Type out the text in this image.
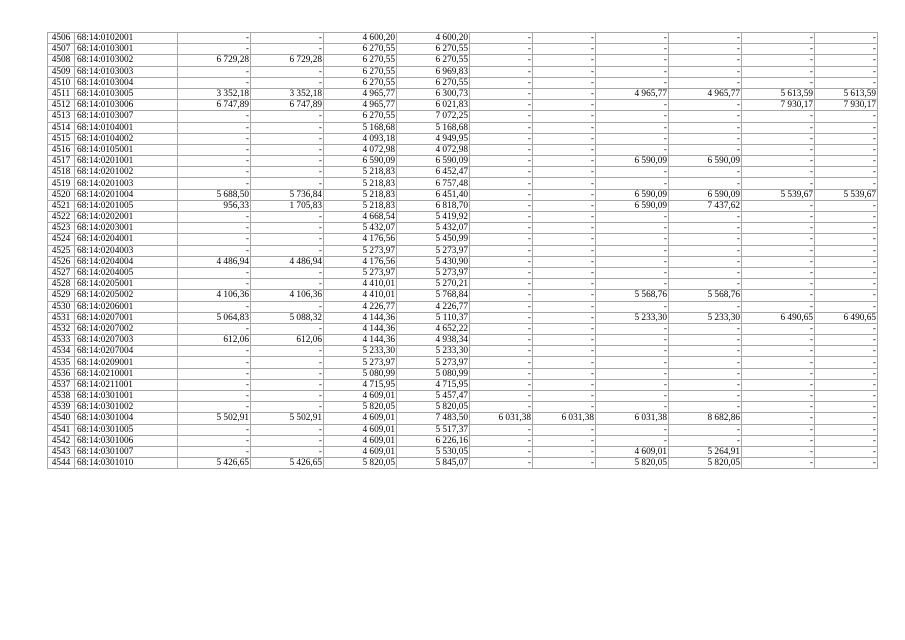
4506	68:14:0102001	-	-	4 600,20	4 600,20	-	-	-	-	-	-
4507	68:14:0103001	-	-	6 270,55	6 270,55	-	-	-	-	-	-
4508	68:14:0103002	6 729,28	6 729,28	6 270,55	6 270,55	-	-	-	-	-	-
4509	68:14:0103003	-	-	6 270,55	6 969,83	-	-	-	-	-	-
4510	68:14:0103004	-	-	6 270,55	6 270,55	-	-	-	-	-	-
4511	68:14:0103005	3 352,18	3 352,18	4 965,77	6 300,73	-	-	4 965,77	4 965,77	5 613,59	5 613,59
4512	68:14:0103006	6 747,89	6 747,89	4 965,77	6 021,83	-	-	-	-	7 930,17	7 930,17
4513	68:14:0103007	-	-	6 270,55	7 072,25	-	-	-	-	-	-
4514	68:14:0104001	-	-	5 168,68	5 168,68	-	-	-	-	-	-
4515	68:14:0104002	-	-	4 093,18	4 949,95	-	-	-	-	-	-
4516	68:14:0105001	-	-	4 072,98	4 072,98	-	-	-	-	-	-
4517	68:14:0201001	-	-	6 590,09	6 590,09	-	-	6 590,09	6 590,09	-	-
4518	68:14:0201002	-	-	5 218,83	6 452,47	-	-	-	-	-	-
4519	68:14:0201003	-	-	5 218,83	6 757,48	-	-	-	-	-	-
4520	68:14:0201004	5 688,50	5 736,84	5 218,83	6 451,40	-	-	6 590,09	6 590,09	5 539,67	5 539,67
4521	68:14:0201005	956,33	1 705,83	5 218,83	6 818,70	-	-	6 590,09	7 437,62	-	-
4522	68:14:0202001	-	-	4 668,54	5 419,92	-	-	-	-	-	-
4523	68:14:0203001	-	-	5 432,07	5 432,07	-	-	-	-	-	-
4524	68:14:0204001	-	-	4 176,56	5 450,99	-	-	-	-	-	-
4525	68:14:0204003	-	-	5 273,97	5 273,97	-	-	-	-	-	-
4526	68:14:0204004	4 486,94	4 486,94	4 176,56	5 430,90	-	-	-	-	-	-
4527	68:14:0204005	-	-	5 273,97	5 273,97	-	-	-	-	-	-
4528	68:14:0205001	-	-	4 410,01	5 270,21	-	-	-	-	-	-
4529	68:14:0205002	4 106,36	4 106,36	4 410,01	5 768,84	-	-	5 568,76	5 568,76	-	-
4530	68:14:0206001	-	-	4 226,77	4 226,77	-	-	-	-	-	-
4531	68:14:0207001	5 064,83	5 088,32	4 144,36	5 110,37	-	-	5 233,30	5 233,30	6 490,65	6 490,65
4532	68:14:0207002	-	-	4 144,36	4 652,22	-	-	-	-	-	-
4533	68:14:0207003	612,06	612,06	4 144,36	4 938,34	-	-	-	-	-	-
4534	68:14:0207004	-	-	5 233,30	5 233,30	-	-	-	-	-	-
4535	68:14:0209001	-	-	5 273,97	5 273,97	-	-	-	-	-	-
4536	68:14:0210001	-	-	5 080,99	5 080,99	-	-	-	-	-	-
4537	68:14:0211001	-	-	4 715,95	4 715,95	-	-	-	-	-	-
4538	68:14:0301001	-	-	4 609,01	5 457,47	-	-	-	-	-	-
4539	68:14:0301002	-	-	5 820,05	5 820,05	-	-	-	-	-	-
4540	68:14:0301004	5 502,91	5 502,91	4 609,01	7 483,50	6 031,38	6 031,38	6 031,38	8 682,86	-	-
4541	68:14:0301005	-	-	4 609,01	5 517,37	-	-	-	-	-	-
4542	68:14:0301006	-	-	4 609,01	6 226,16	-	-	-	-	-	-
4543	68:14:0301007	-	-	4 609,01	5 530,05	-	-	4 609,01	5 264,91	-	-
4544	68:14:0301010	5 426,65	5 426,65	5 820,05	5 845,07	-	-	5 820,05	5 820,05	-	-
